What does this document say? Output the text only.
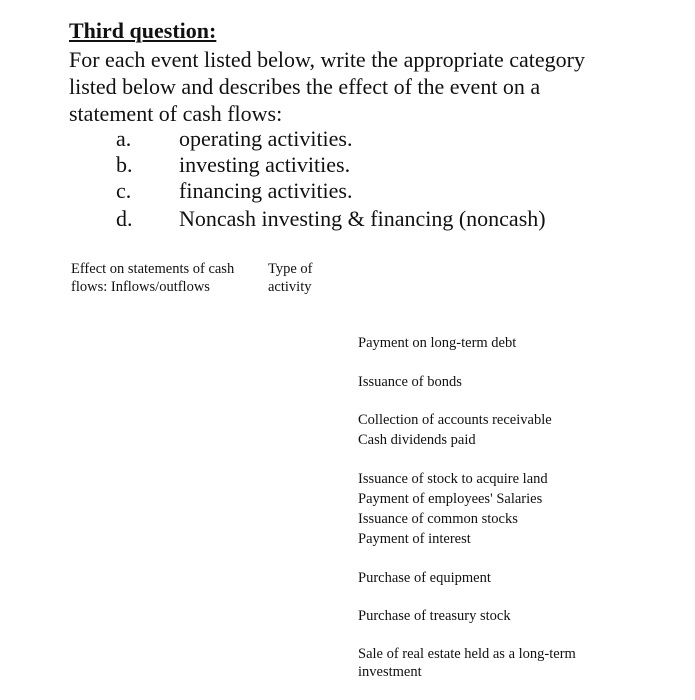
Third question:
For each event listed below, write the appropriate category listed below and describes the effect of the event on a statement of cash flows:
a. operating activities.
b. investing activities.
c. financing activities.
d. Noncash investing & financing (noncash)
Effect on statements of cash flows: Inflows/outflows
Type of activity
Payment on long-term debt
Issuance of bonds
Collection of accounts receivable
Cash dividends paid
Issuance of stock to acquire land
Payment of employees' Salaries
Issuance of common stocks
Payment of interest
Purchase of equipment
Purchase of treasury stock
Sale of real estate held as a long-term investment
